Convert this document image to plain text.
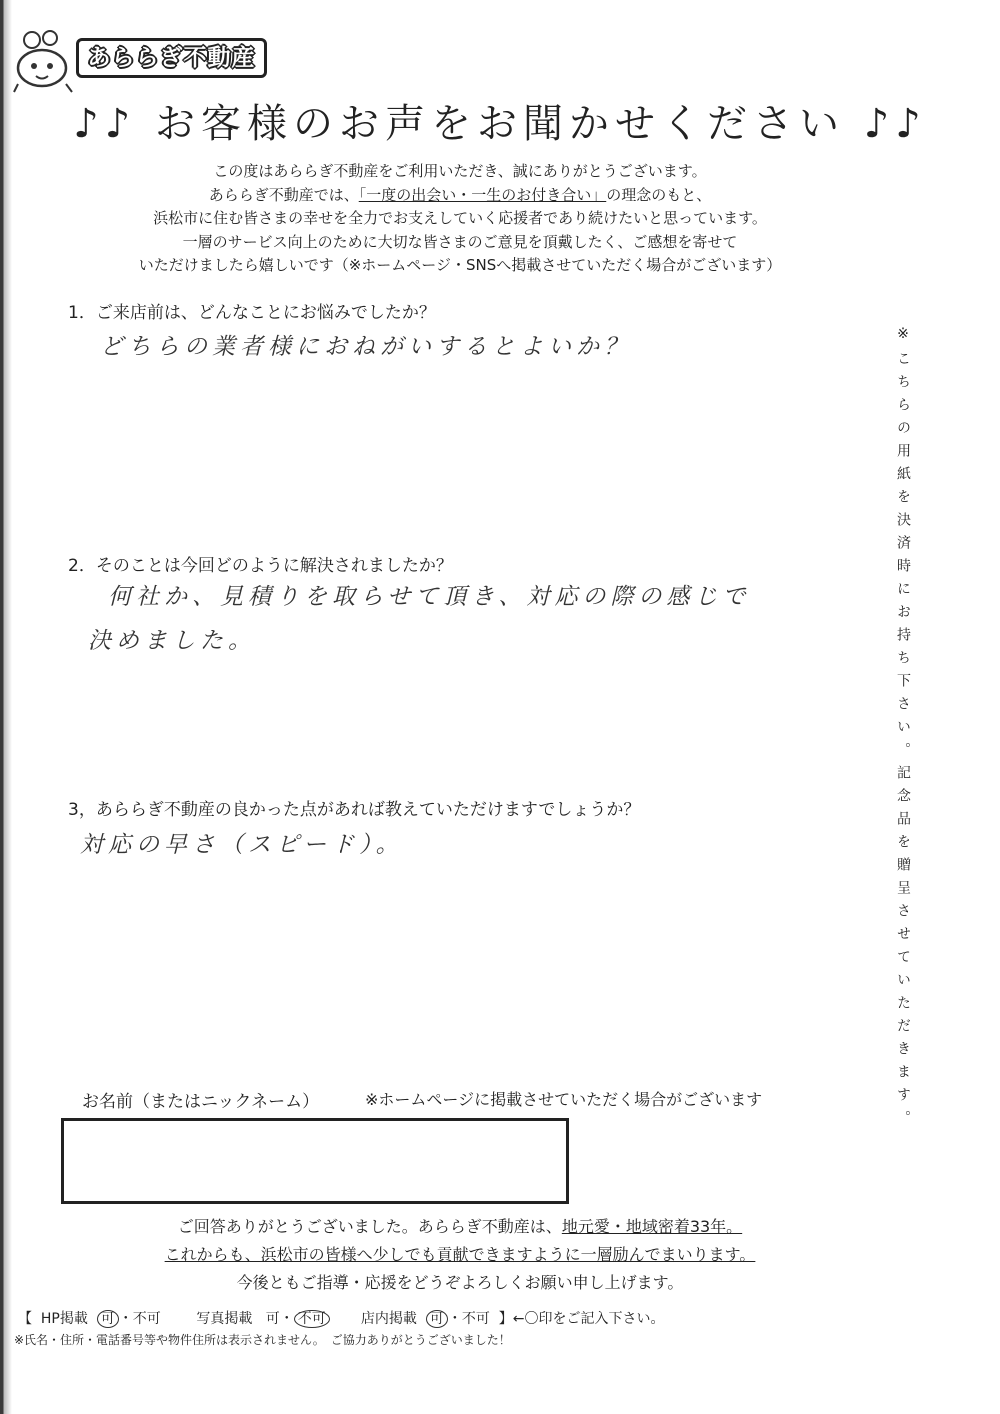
あららぎ不動産
♪♪ お客様のお声をお聞かせください ♪♪
この度はあららぎ不動産をご利用いただき、誠にありがとうございます。
あららぎ不動産では、「一度の出会い・一生のお付き合い」の理念のもと、
浜松市に住む皆さまの幸せを全力でお支えしていく応援者であり続けたいと思っています。
一層のサービス向上のために大切な皆さまのご意見を頂戴したく、ご感想を寄せて
いただけましたら嬉しいです（※ホームページ・SNSへ掲載させていただく場合がございます）
1．ご来店前は、どんなことにお悩みでしたか？
どちらの業者様におねがいするとよいか？
2．そのことは今回どのように解決されましたか？
何社か、見積りを取らせて頂き、対応の際の感じで
決めました。
3，あららぎ不動産の良かった点があれば教えていただけますでしょうか？
対応の早さ（スピード）。	※こちらの用紙を決済時にお持ち下さい。記念品を贈呈させていただきます。
お名前（またはニックネーム）	※ホームページに掲載させていただく場合がございます
ご回答ありがとうございました。あららぎ不動産は、地元愛・地域密着33年。
これからも、浜松市の皆様へ少しでも貢献できますように一層励んでまいります。
今後ともご指導・応援をどうぞよろしくお願い申し上げます。
【 HP掲載 可 ・不可	写真掲載 可・ 不可	店内掲載 可 ・不可 】←〇印をご記入下さい。
※氏名・住所・電話番号等や物件住所は表示されません。　ご協力ありがとうございました！
